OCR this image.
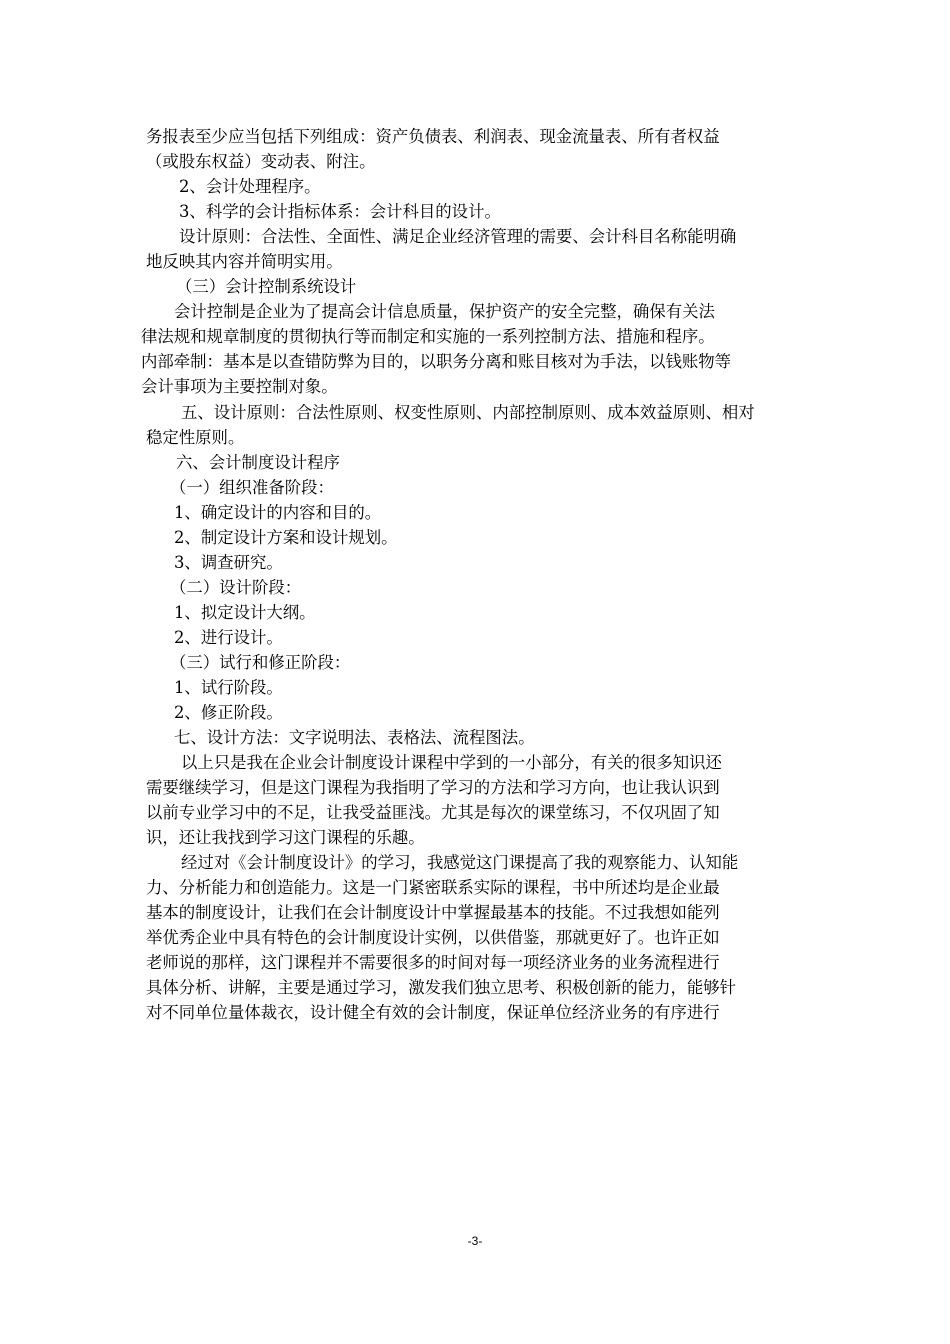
务报表至少应当包括下列组成：资产负债表、利润表、现金流量表、所有者权益
（或股东权益）变动表、附注。
2、会计处理程序。
3、科学的会计指标体系：会计科目的设计。
设计原则：合法性、全面性、满足企业经济管理的需要、会计科目名称能明确
地反映其内容并简明实用。
（三）会计控制系统设计
会计控制是企业为了提高会计信息质量，保护资产的安全完整，确保有关法
律法规和规章制度的贯彻执行等而制定和实施的一系列控制方法、措施和程序。
内部牵制：基本是以查错防弊为目的，以职务分离和账目核对为手法，以钱账物等
会计事项为主要控制对象。
五、设计原则：合法性原则、权变性原则、内部控制原则、成本效益原则、相对
稳定性原则。
六、会计制度设计程序
（一）组织准备阶段：
1、确定设计的内容和目的。
2、制定设计方案和设计规划。
3、调查研究。
（二）设计阶段：
1、拟定设计大纲。
2、进行设计。
（三）试行和修正阶段：
1、试行阶段。
2、修正阶段。
七、设计方法：文字说明法、表格法、流程图法。
以上只是我在企业会计制度设计课程中学到的一小部分，有关的很多知识还
需要继续学习，但是这门课程为我指明了学习的方法和学习方向，也让我认识到
以前专业学习中的不足，让我受益匪浅。尤其是每次的课堂练习，不仅巩固了知
识，还让我找到学习这门课程的乐趣。
经过对《会计制度设计》的学习，我感觉这门课提高了我的观察能力、认知能
力、分析能力和创造能力。这是一门紧密联系实际的课程，书中所述均是企业最
基本的制度设计，让我们在会计制度设计中掌握最基本的技能。不过我想如能列
举优秀企业中具有特色的会计制度设计实例，以供借鉴，那就更好了。也许正如
老师说的那样，这门课程并不需要很多的时间对每一项经济业务的业务流程进行
具体分析、讲解，主要是通过学习，激发我们独立思考、积极创新的能力，能够针
对不同单位量体裁衣，设计健全有效的会计制度，保证单位经济业务的有序进行
-3-
